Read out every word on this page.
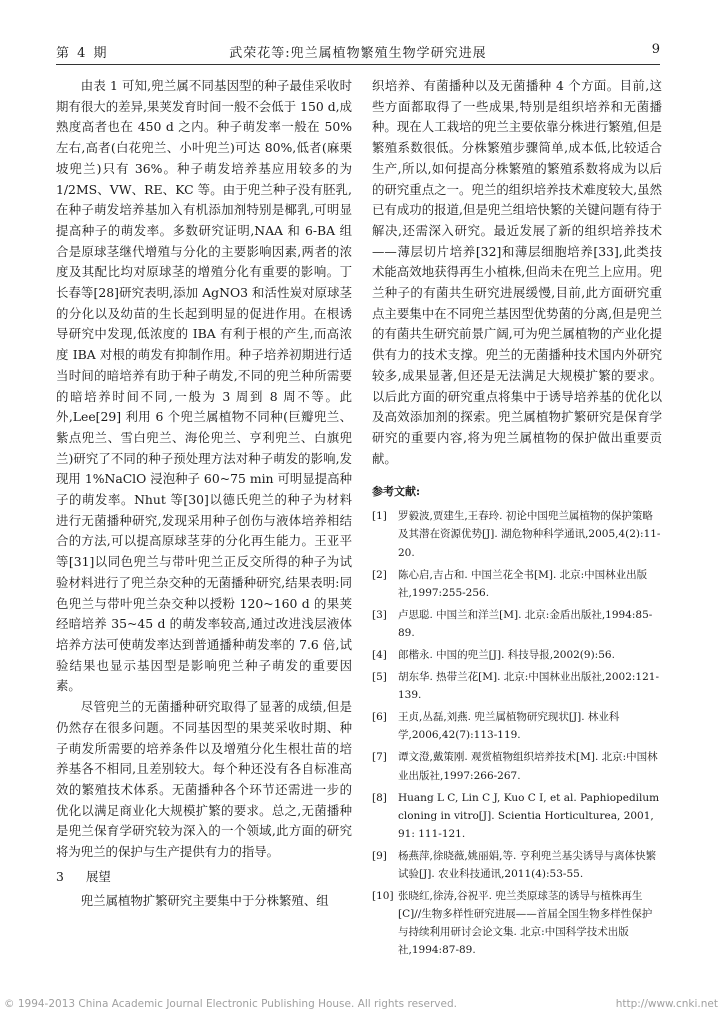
第 4 期	武荣花等:兜兰属植物繁殖生物学研究进展	9

由表 1 可知,兜兰属不同基因型的种子最佳采收时期有很大的差异,果荚发育时间一般不会低于 150 d,成熟度高者也在 450 d 之内。种子萌发率一般在 50% 左右,高者(白花兜兰、小叶兜兰)可达 80%,低者(麻栗坡兜兰)只有 36%。种子萌发培养基应用较多的为 1/2MS、VW、RE、KC 等。由于兜兰种子没有胚乳,在种子萌发培养基加入有机添加剂特别是椰乳,可明显提高种子的萌发率。多数研究证明,NAA 和 6-BA 组合是原球茎继代增殖与分化的主要影响因素,两者的浓度及其配比均对原球茎的增殖分化有重要的影响。丁长春等[28]研究表明,添加 AgNO3 和活性炭对原球茎的分化以及幼苗的生长起到明显的促进作用。在根诱导研究中发现,低浓度的 IBA 有利于根的产生,而高浓度 IBA 对根的萌发有抑制作用。种子培养初期进行适当时间的暗培养有助于种子萌发,不同的兜兰种所需要的暗培养时间不同,一般为 3 周到 8 周不等。此外,Lee[29] 利用 6 个兜兰属植物不同种(巨瓣兜兰、紫点兜兰、雪白兜兰、海伦兜兰、亨利兜兰、白旗兜兰)研究了不同的种子预处理方法对种子萌发的影响,发现用 1%NaClO 浸泡种子 60~75 min 可明显提高种子的萌发率。Nhut 等[30]以德氏兜兰的种子为材料进行无菌播种研究,发现采用种子创伤与液体培养相结合的方法,可以提高原球茎芽的分化再生能力。王亚平等[31]以同色兜兰与带叶兜兰正反交所得的种子为试验材料进行了兜兰杂交种的无菌播种研究,结果表明:同色兜兰与带叶兜兰杂交种以授粉 120~160 d 的果荚经暗培养 35~45 d 的萌发率较高,通过改进浅层液体培养方法可使萌发率达到普通播种萌发率的 7.6 倍,试验结果也显示基因型是影响兜兰种子萌发的重要因素。

尽管兜兰的无菌播种研究取得了显著的成绩,但是仍然存在很多问题。不同基因型的果荚采收时期、种子萌发所需要的培养条件以及增殖分化生根壮苗的培养基各不相同,且差别较大。每个种还没有各自标准高效的繁殖技术体系。无菌播种各个环节还需进一步的优化以满足商业化大规模扩繁的要求。总之,无菌播种是兜兰保育学研究较为深入的一个领域,此方面的研究将为兜兰的保护与生产提供有力的指导。

3 展望

兜兰属植物扩繁研究主要集中于分株繁殖、组

织培养、有菌播种以及无菌播种 4 个方面。目前,这些方面都取得了一些成果,特别是组织培养和无菌播种。现在人工栽培的兜兰主要依靠分株进行繁殖,但是繁殖系数很低。分株繁殖步骤简单,成本低,比较适合生产,所以,如何提高分株繁殖的繁殖系数将成为以后的研究重点之一。兜兰的组织培养技术难度较大,虽然已有成功的报道,但是兜兰组培快繁的关键问题有待于解决,还需深入研究。最近发展了新的组织培养技术——薄层切片培养[32]和薄层细胞培养[33],此类技术能高效地获得再生小植株,但尚未在兜兰上应用。兜兰种子的有菌共生研究进展缓慢,目前,此方面研究重点主要集中在不同兜兰基因型优势菌的分离,但是兜兰的有菌共生研究前景广阔,可为兜兰属植物的产业化提供有力的技术支撑。兜兰的无菌播种技术国内外研究较多,成果显著,但还是无法满足大规模扩繁的要求。以后此方面的研究重点将集中于诱导培养基的优化以及高效添加剂的探索。兜兰属植物扩繁研究是保育学研究的重要内容,将为兜兰属植物的保护做出重要贡献。

参考文献:
[1] 罗毅波,贾建生,王春玲. 初论中国兜兰属植物的保护策略及其潜在资源优势[J]. 湖危物种科学通讯,2005,4(2):11-20.
[2] 陈心启,吉占和. 中国兰花全书[M]. 北京:中国林业出版社,1997:255-256.
[3] 卢思聪. 中国兰和洋兰[M]. 北京:金盾出版社,1994:85-89.
[4] 郎楷永. 中国的兜兰[J]. 科技导报,2002(9):56.
[5] 胡东华. 热带兰花[M]. 北京:中国林业出版社,2002:121-139.
[6] 王贞,丛磊,刘燕. 兜兰属植物研究现状[J]. 林业科学,2006,42(7):113-119.
[7] 谭文澄,戴策刚. 观赏植物组织培养技术[M]. 北京:中国林业出版社,1997:266-267.
[8] Huang L C, Lin C J, Kuo C I, et al. Paphiopedilum cloning in vitro[J]. Scientia Horticulturea, 2001, 91: 111-121.
[9] 杨燕萍,徐晓薇,姚丽娟,等. 亨利兜兰基尖诱导与离体快繁试验[J]. 农业科技通讯,2011(4):53-55.
[10] 张晓红,徐涛,谷祝平. 兜兰类原球茎的诱导与植株再生[C]//生物多样性研究进展——首届全国生物多样性保护与持续利用研讨会论文集. 北京:中国科学技术出版社,1994:87-89.
© 1994-2013 China Academic Journal Electronic Publishing House. All rights reserved.	http://www.cnki.net
